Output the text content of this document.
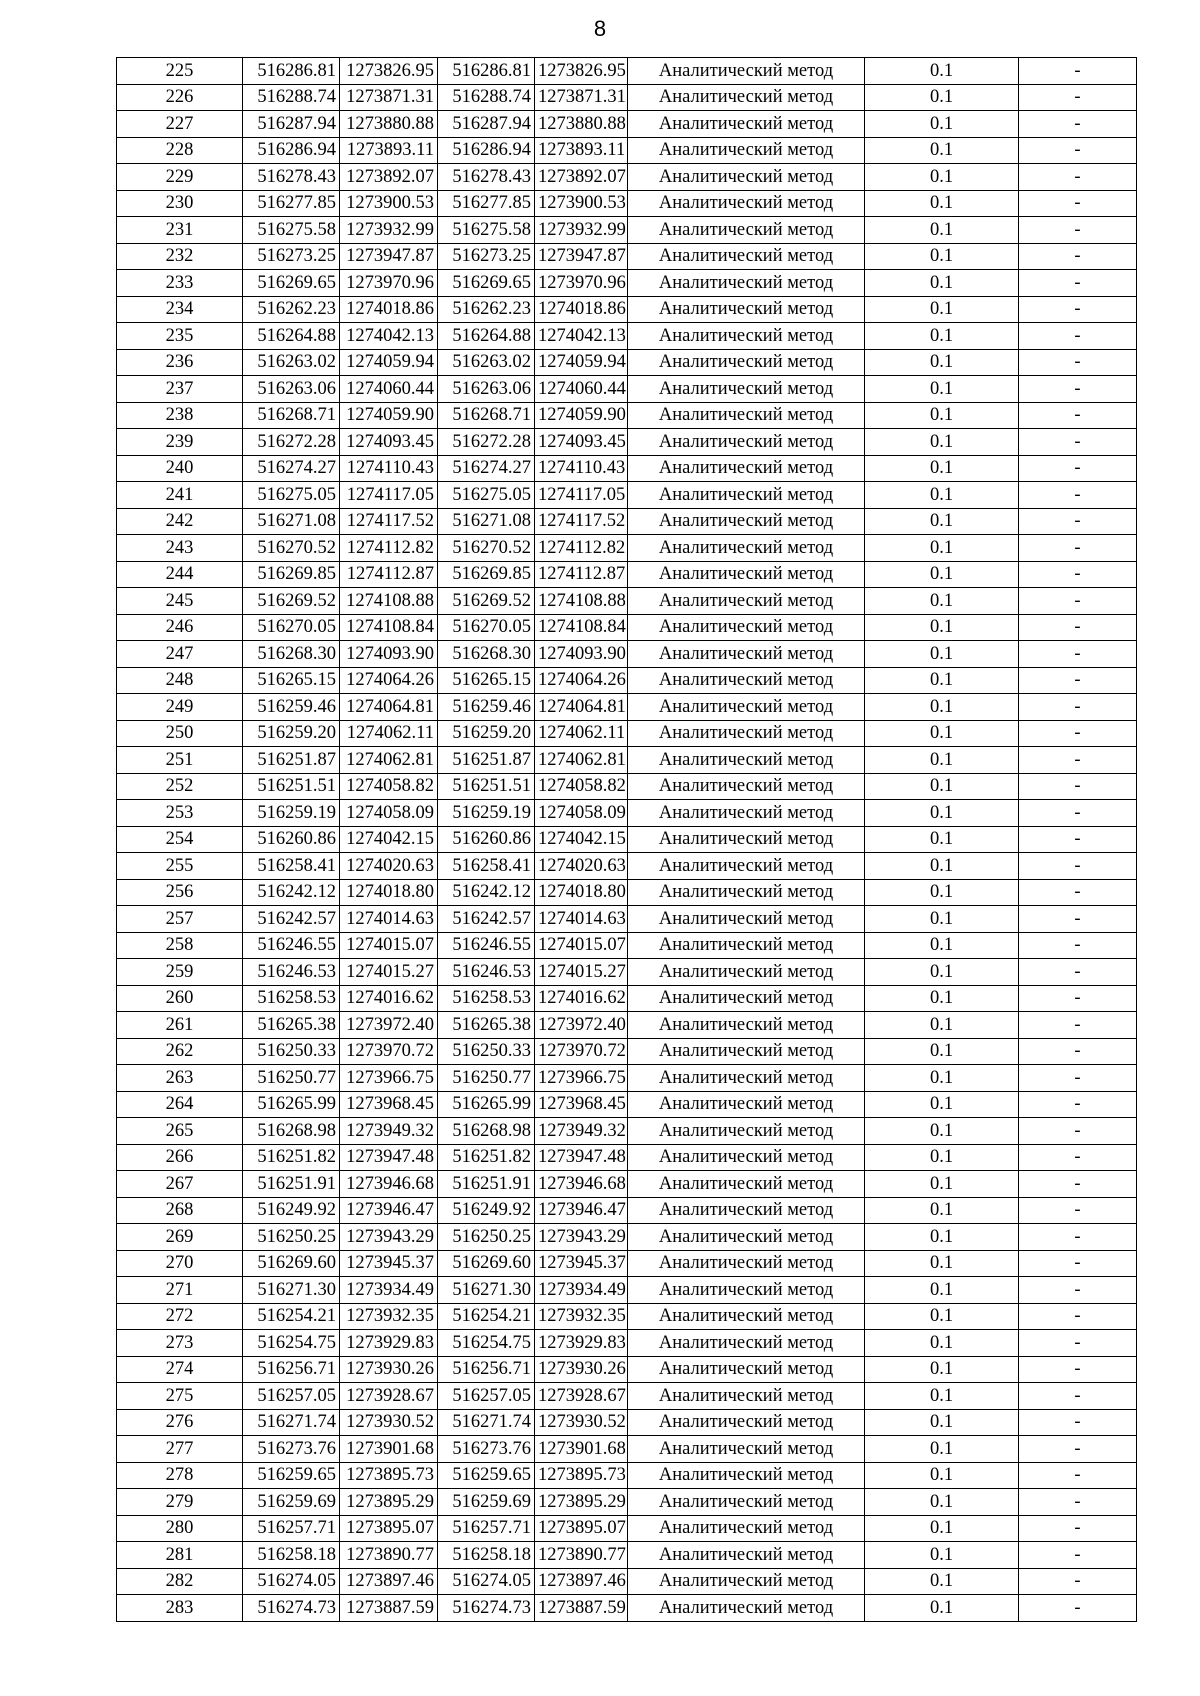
8
225	516286.81	1273826.95	516286.81	1273826.95	Аналитический метод	0.1	-
226	516288.74	1273871.31	516288.74	1273871.31	Аналитический метод	0.1	-
227	516287.94	1273880.88	516287.94	1273880.88	Аналитический метод	0.1	-
228	516286.94	1273893.11	516286.94	1273893.11	Аналитический метод	0.1	-
229	516278.43	1273892.07	516278.43	1273892.07	Аналитический метод	0.1	-
230	516277.85	1273900.53	516277.85	1273900.53	Аналитический метод	0.1	-
231	516275.58	1273932.99	516275.58	1273932.99	Аналитический метод	0.1	-
232	516273.25	1273947.87	516273.25	1273947.87	Аналитический метод	0.1	-
233	516269.65	1273970.96	516269.65	1273970.96	Аналитический метод	0.1	-
234	516262.23	1274018.86	516262.23	1274018.86	Аналитический метод	0.1	-
235	516264.88	1274042.13	516264.88	1274042.13	Аналитический метод	0.1	-
236	516263.02	1274059.94	516263.02	1274059.94	Аналитический метод	0.1	-
237	516263.06	1274060.44	516263.06	1274060.44	Аналитический метод	0.1	-
238	516268.71	1274059.90	516268.71	1274059.90	Аналитический метод	0.1	-
239	516272.28	1274093.45	516272.28	1274093.45	Аналитический метод	0.1	-
240	516274.27	1274110.43	516274.27	1274110.43	Аналитический метод	0.1	-
241	516275.05	1274117.05	516275.05	1274117.05	Аналитический метод	0.1	-
242	516271.08	1274117.52	516271.08	1274117.52	Аналитический метод	0.1	-
243	516270.52	1274112.82	516270.52	1274112.82	Аналитический метод	0.1	-
244	516269.85	1274112.87	516269.85	1274112.87	Аналитический метод	0.1	-
245	516269.52	1274108.88	516269.52	1274108.88	Аналитический метод	0.1	-
246	516270.05	1274108.84	516270.05	1274108.84	Аналитический метод	0.1	-
247	516268.30	1274093.90	516268.30	1274093.90	Аналитический метод	0.1	-
248	516265.15	1274064.26	516265.15	1274064.26	Аналитический метод	0.1	-
249	516259.46	1274064.81	516259.46	1274064.81	Аналитический метод	0.1	-
250	516259.20	1274062.11	516259.20	1274062.11	Аналитический метод	0.1	-
251	516251.87	1274062.81	516251.87	1274062.81	Аналитический метод	0.1	-
252	516251.51	1274058.82	516251.51	1274058.82	Аналитический метод	0.1	-
253	516259.19	1274058.09	516259.19	1274058.09	Аналитический метод	0.1	-
254	516260.86	1274042.15	516260.86	1274042.15	Аналитический метод	0.1	-
255	516258.41	1274020.63	516258.41	1274020.63	Аналитический метод	0.1	-
256	516242.12	1274018.80	516242.12	1274018.80	Аналитический метод	0.1	-
257	516242.57	1274014.63	516242.57	1274014.63	Аналитический метод	0.1	-
258	516246.55	1274015.07	516246.55	1274015.07	Аналитический метод	0.1	-
259	516246.53	1274015.27	516246.53	1274015.27	Аналитический метод	0.1	-
260	516258.53	1274016.62	516258.53	1274016.62	Аналитический метод	0.1	-
261	516265.38	1273972.40	516265.38	1273972.40	Аналитический метод	0.1	-
262	516250.33	1273970.72	516250.33	1273970.72	Аналитический метод	0.1	-
263	516250.77	1273966.75	516250.77	1273966.75	Аналитический метод	0.1	-
264	516265.99	1273968.45	516265.99	1273968.45	Аналитический метод	0.1	-
265	516268.98	1273949.32	516268.98	1273949.32	Аналитический метод	0.1	-
266	516251.82	1273947.48	516251.82	1273947.48	Аналитический метод	0.1	-
267	516251.91	1273946.68	516251.91	1273946.68	Аналитический метод	0.1	-
268	516249.92	1273946.47	516249.92	1273946.47	Аналитический метод	0.1	-
269	516250.25	1273943.29	516250.25	1273943.29	Аналитический метод	0.1	-
270	516269.60	1273945.37	516269.60	1273945.37	Аналитический метод	0.1	-
271	516271.30	1273934.49	516271.30	1273934.49	Аналитический метод	0.1	-
272	516254.21	1273932.35	516254.21	1273932.35	Аналитический метод	0.1	-
273	516254.75	1273929.83	516254.75	1273929.83	Аналитический метод	0.1	-
274	516256.71	1273930.26	516256.71	1273930.26	Аналитический метод	0.1	-
275	516257.05	1273928.67	516257.05	1273928.67	Аналитический метод	0.1	-
276	516271.74	1273930.52	516271.74	1273930.52	Аналитический метод	0.1	-
277	516273.76	1273901.68	516273.76	1273901.68	Аналитический метод	0.1	-
278	516259.65	1273895.73	516259.65	1273895.73	Аналитический метод	0.1	-
279	516259.69	1273895.29	516259.69	1273895.29	Аналитический метод	0.1	-
280	516257.71	1273895.07	516257.71	1273895.07	Аналитический метод	0.1	-
281	516258.18	1273890.77	516258.18	1273890.77	Аналитический метод	0.1	-
282	516274.05	1273897.46	516274.05	1273897.46	Аналитический метод	0.1	-
283	516274.73	1273887.59	516274.73	1273887.59	Аналитический метод	0.1	-
